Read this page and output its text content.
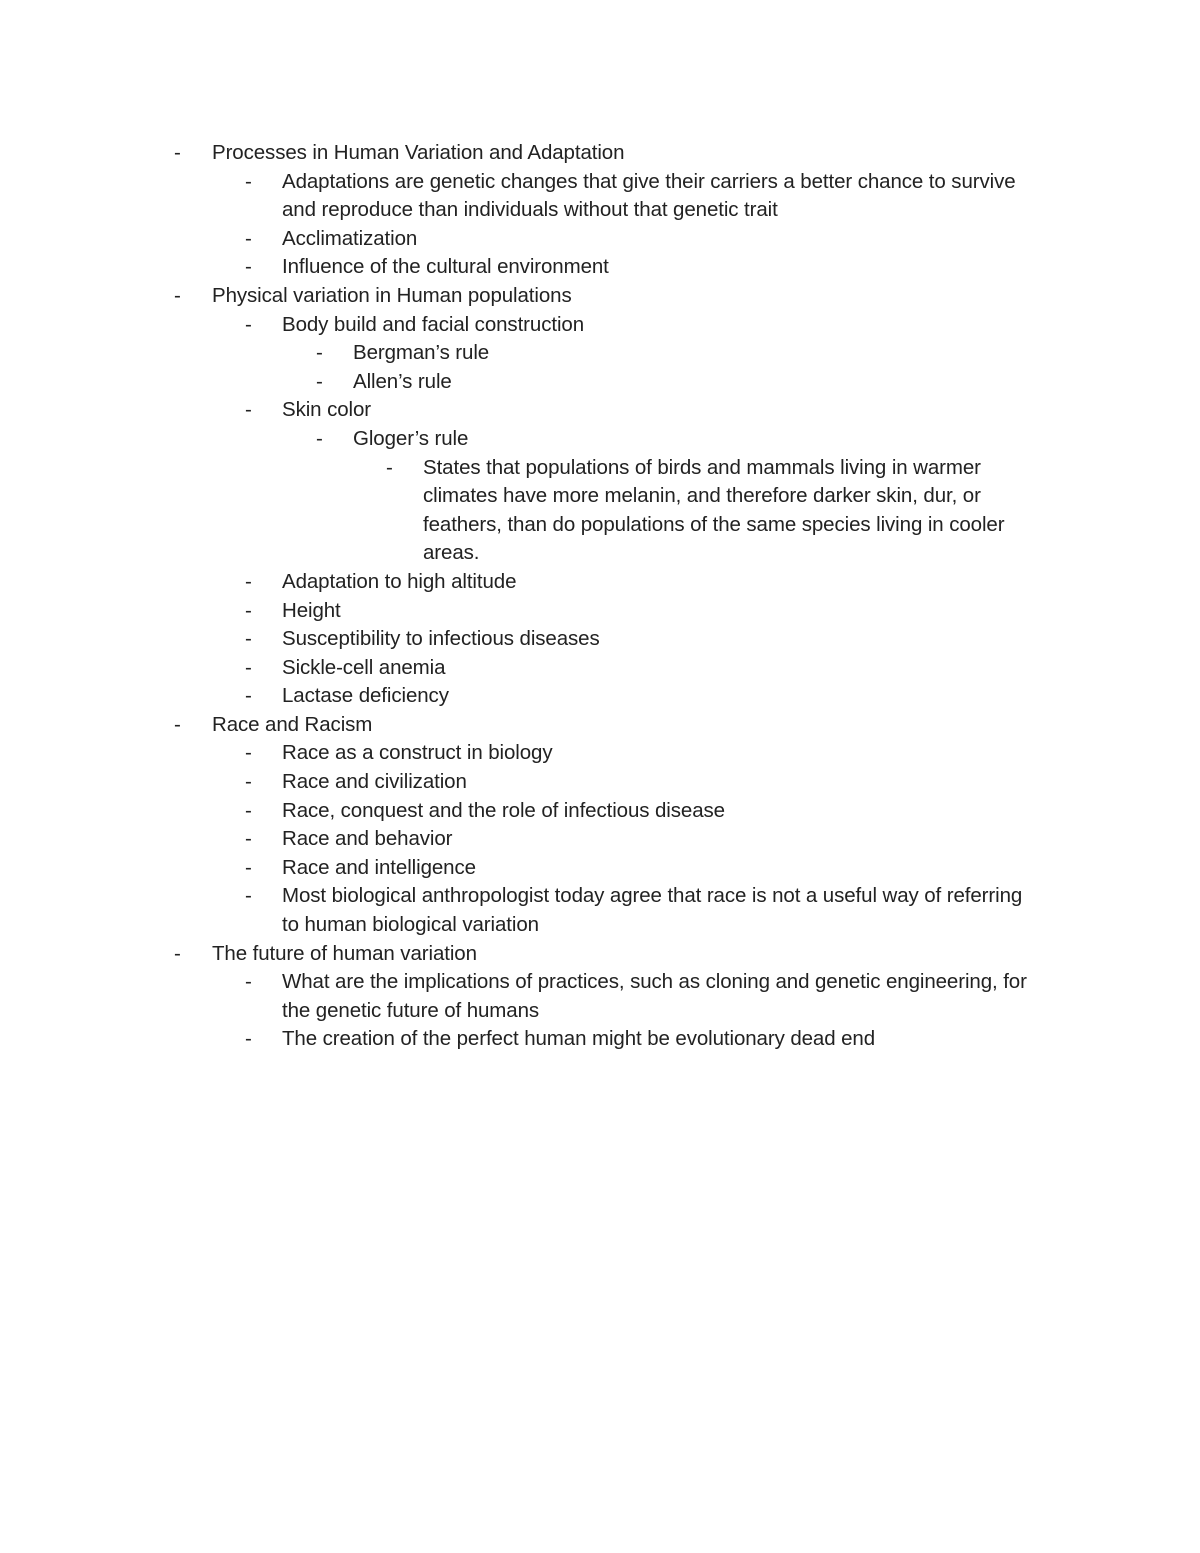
- Processes in Human Variation and Adaptation
- Adaptations are genetic changes that give their carriers a better chance to survive and reproduce than individuals without that genetic trait
- Acclimatization
- Influence of the cultural environment
- Physical variation in Human populations
- Body build and facial construction
- Bergman’s rule
- Allen’s rule
- Skin color
- Gloger’s rule
- States that populations of birds and mammals living in warmer climates have more melanin, and therefore darker skin, dur, or feathers, than do populations of the same species living in cooler areas.
- Adaptation to high altitude
- Height
- Susceptibility to infectious diseases
- Sickle-cell anemia
- Lactase deficiency
- Race and Racism
- Race as a construct in biology
- Race and civilization
- Race, conquest and the role of infectious disease
- Race and behavior
- Race and intelligence
- Most biological anthropologist today agree that race is not a useful way of referring to human biological variation
- The future of human variation
- What are the implications of practices, such as cloning and genetic engineering, for the genetic future of humans
- The creation of the perfect human might be evolutionary dead end
